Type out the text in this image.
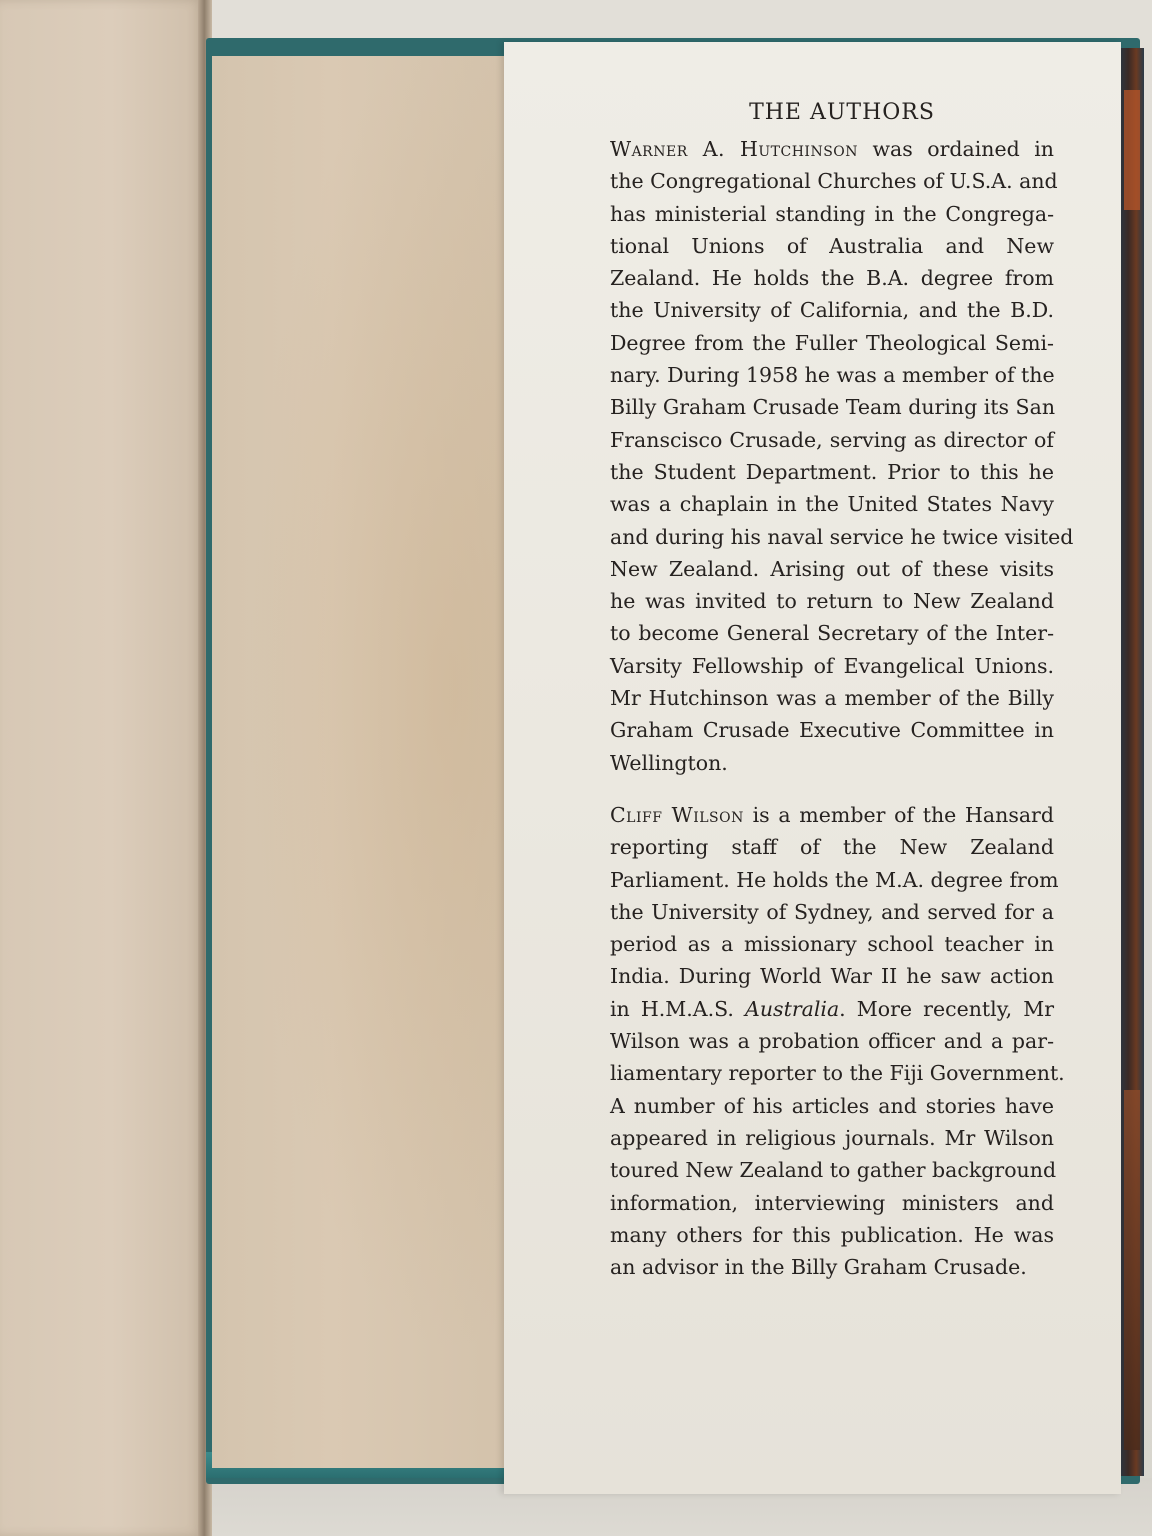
THE AUTHORS
Warner A. Hutchinson was ordained in
the Congregational Churches of U.S.A. and
has ministerial standing in the Congrega-
tional Unions of Australia and New
Zealand. He holds the B.A. degree from
the University of California, and the B.D.
Degree from the Fuller Theological Semi-
nary. During 1958 he was a member of the
Billy Graham Crusade Team during its San
Franscisco Crusade, serving as director of
the Student Department. Prior to this he
was a chaplain in the United States Navy
and during his naval service he twice visited
New Zealand. Arising out of these visits
he was invited to return to New Zealand
to become General Secretary of the Inter-
Varsity Fellowship of Evangelical Unions.
Mr Hutchinson was a member of the Billy
Graham Crusade Executive Committee in
Wellington.
Cliff Wilson is a member of the Hansard
reporting staff of the New Zealand
Parliament. He holds the M.A. degree from
the University of Sydney, and served for a
period as a missionary school teacher in
India. During World War II he saw action
in H.M.A.S. Australia. More recently, Mr
Wilson was a probation officer and a par-
liamentary reporter to the Fiji Government.
A number of his articles and stories have
appeared in religious journals. Mr Wilson
toured New Zealand to gather background
information, interviewing ministers and
many others for this publication. He was
an advisor in the Billy Graham Crusade.
